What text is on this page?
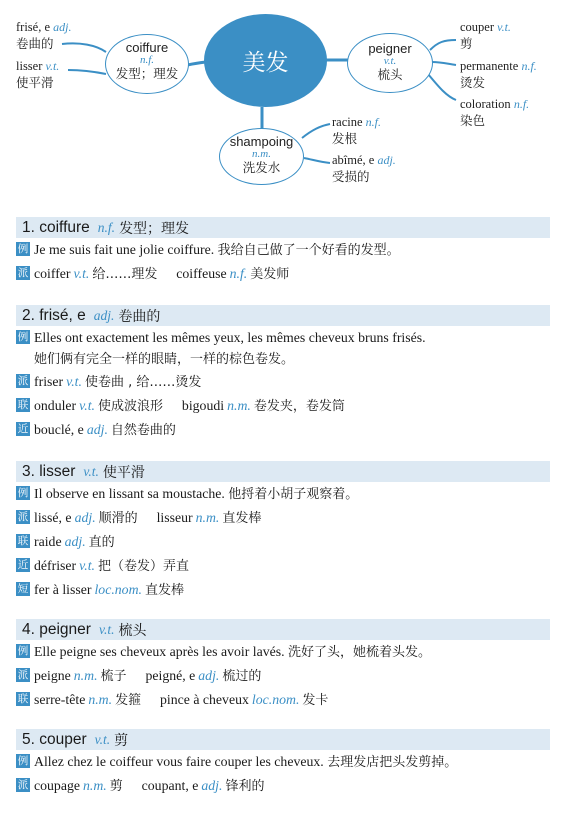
美发
coiffure
n.f.
发型；理发
peigner
v.t.
梳头
shampoing
n.m.
洗发水
frisé, e adj.
卷曲的
lisser v.t.
使平滑
couper v.t.
剪
permanente n.f.
烫发
coloration n.f.
染色
racine n.f.
发根
abîmé, e adj.
受损的
1. coiffure n.f. 发型；理发
例 Je me suis fait une jolie coiffure. 我给自己做了一个好看的发型。
派 coiffer v.t. 给……理发 coiffeuse n.f. 美发师
2. frisé, e adj. 卷曲的
例 Elles ont exactement les mêmes yeux, les mêmes cheveux bruns frisés.
她们俩有完全一样的眼睛，一样的棕色卷发。
派 friser v.t. 使卷曲 , 给……烫发
联 onduler v.t. 使成波浪形 bigoudi n.m. 卷发夹，卷发筒
近 bouclé, e adj. 自然卷曲的
3. lisser v.t. 使平滑
例 Il observe en lissant sa moustache. 他捋着小胡子观察着。
派 lissé, e adj. 顺滑的 lisseur n.m. 直发棒
联 raide adj. 直的
近 défriser v.t. 把（卷发）弄直
短 fer à lisser loc.nom. 直发棒
4. peigner v.t. 梳头
例 Elle peigne ses cheveux après les avoir lavés. 洗好了头，她梳着头发。
派 peigne n.m. 梳子 peigné, e adj. 梳过的
联 serre-tête n.m. 发箍 pince à cheveux loc.nom. 发卡
5. couper v.t. 剪
例 Allez chez le coiffeur vous faire couper les cheveux. 去理发店把头发剪掉。
派 coupage n.m. 剪 coupant, e adj. 锋利的
